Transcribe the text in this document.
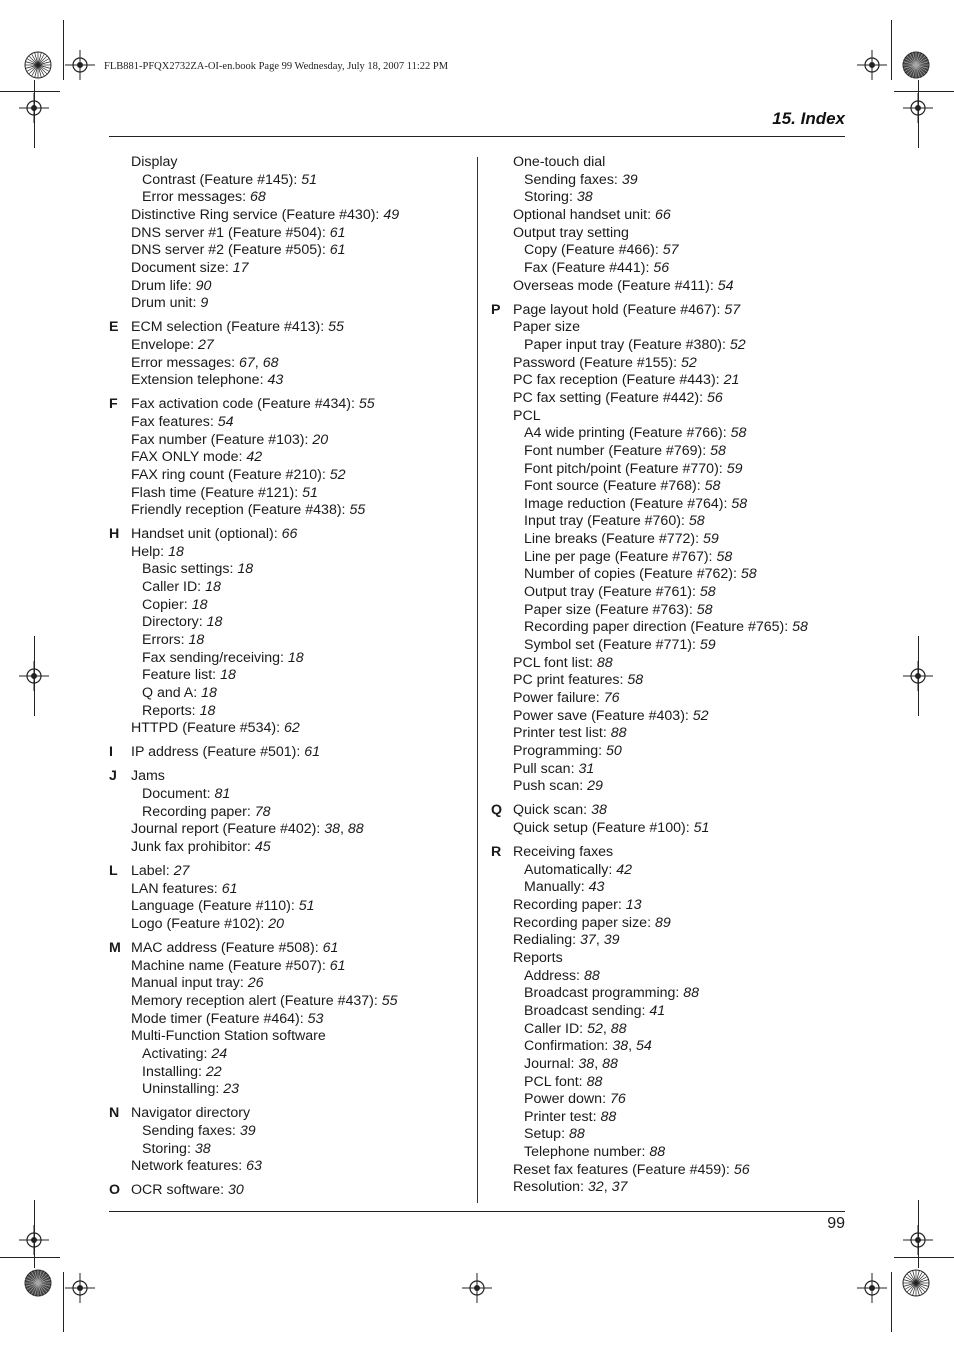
FLB881-PFQX2732ZA-OI-en.book Page 99 Wednesday, July 18, 2007 11:22 PM
15. Index
Display
Contrast (Feature #145): 51
Error messages: 68
Distinctive Ring service (Feature #430): 49
DNS server #1 (Feature #504): 61
DNS server #2 (Feature #505): 61
Document size: 17
Drum life: 90
Drum unit: 9
E ECM selection (Feature #413): 55
Envelope: 27
Error messages: 67, 68
Extension telephone: 43
F Fax activation code (Feature #434): 55
Fax features: 54
Fax number (Feature #103): 20
FAX ONLY mode: 42
FAX ring count (Feature #210): 52
Flash time (Feature #121): 51
Friendly reception (Feature #438): 55
H Handset unit (optional): 66
Help: 18
Basic settings: 18
Caller ID: 18
Copier: 18
Directory: 18
Errors: 18
Fax sending/receiving: 18
Feature list: 18
Q and A: 18
Reports: 18
HTTPD (Feature #534): 62
I	IP address (Feature #501): 61
J Jams
Document: 81
Recording paper: 78
Journal report (Feature #402): 38, 88
Junk fax prohibitor: 45
L Label: 27
LAN features: 61
Language (Feature #110): 51
Logo (Feature #102): 20
M MAC address (Feature #508): 61
Machine name (Feature #507): 61
Manual input tray: 26
Memory reception alert (Feature #437): 55
Mode timer (Feature #464): 53
Multi-Function Station software
Activating: 24
Installing: 22
Uninstalling: 23
N Navigator directory
Sending faxes: 39
Storing: 38
Network features: 63
O OCR software: 30
One-touch dial
Sending faxes: 39
Storing: 38
Optional handset unit: 66
Output tray setting
Copy (Feature #466): 57
Fax (Feature #441): 56
Overseas mode (Feature #411): 54
P Page layout hold (Feature #467): 57
Paper size
Paper input tray (Feature #380): 52
Password (Feature #155): 52
PC fax reception (Feature #443): 21
PC fax setting (Feature #442): 56
PCL
A4 wide printing (Feature #766): 58
Font number (Feature #769): 58
Font pitch/point (Feature #770): 59
Font source (Feature #768): 58
Image reduction (Feature #764): 58
Input tray (Feature #760): 58
Line breaks (Feature #772): 59
Line per page (Feature #767): 58
Number of copies (Feature #762): 58
Output tray (Feature #761): 58
Paper size (Feature #763): 58
Recording paper direction (Feature #765): 58
Symbol set (Feature #771): 59
PCL font list: 88
PC print features: 58
Power failure: 76
Power save (Feature #403): 52
Printer test list: 88
Programming: 50
Pull scan: 31
Push scan: 29
Q Quick scan: 38
Quick setup (Feature #100): 51
R Receiving faxes
Automatically: 42
Manually: 43
Recording paper: 13
Recording paper size: 89
Redialing: 37, 39
Reports
Address: 88
Broadcast programming: 88
Broadcast sending: 41
Caller ID: 52, 88
Confirmation: 38, 54
Journal: 38, 88
PCL font: 88
Power down: 76
Printer test: 88
Setup: 88
Telephone number: 88
Reset fax features (Feature #459): 56
Resolution: 32, 37
99
